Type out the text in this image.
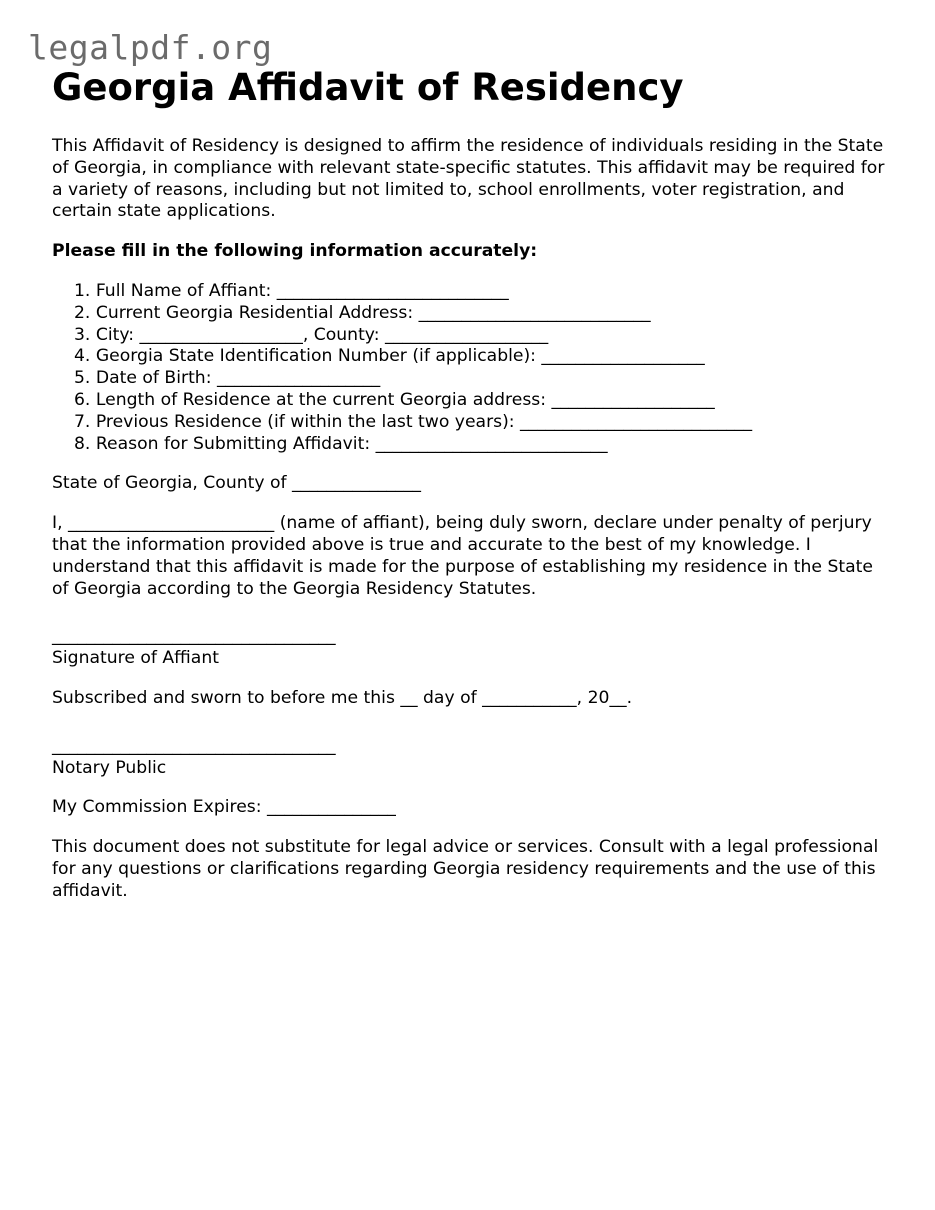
legalpdf.org
Georgia Affidavit of Residency

This Affidavit of Residency is designed to affirm the residence of individuals residing in the State of Georgia, in compliance with relevant state-specific statutes. This affidavit may be required for a variety of reasons, including but not limited to, school enrollments, voter registration, and certain state applications.

Please fill in the following information accurately:

1. Full Name of Affiant: ___________________________
2. Current Georgia Residential Address: ___________________________
3. City: ___________________, County: ___________________
4. Georgia State Identification Number (if applicable): ___________________
5. Date of Birth: ___________________
6. Length of Residence at the current Georgia address: ___________________
7. Previous Residence (if within the last two years): ___________________________
8. Reason for Submitting Affidavit: ___________________________

State of Georgia, County of _______________

I, ________________________ (name of affiant), being duly sworn, declare under penalty of perjury that the information provided above is true and accurate to the best of my knowledge. I understand that this affidavit is made for the purpose of establishing my residence in the State of Georgia according to the Georgia Residency Statutes.

_________________________________

Signature of Affiant

Subscribed and sworn to before me this __ day of ___________, 20__.

_________________________________

Notary Public

My Commission Expires: _______________

This document does not substitute for legal advice or services. Consult with a legal professional for any questions or clarifications regarding Georgia residency requirements and the use of this affidavit.
